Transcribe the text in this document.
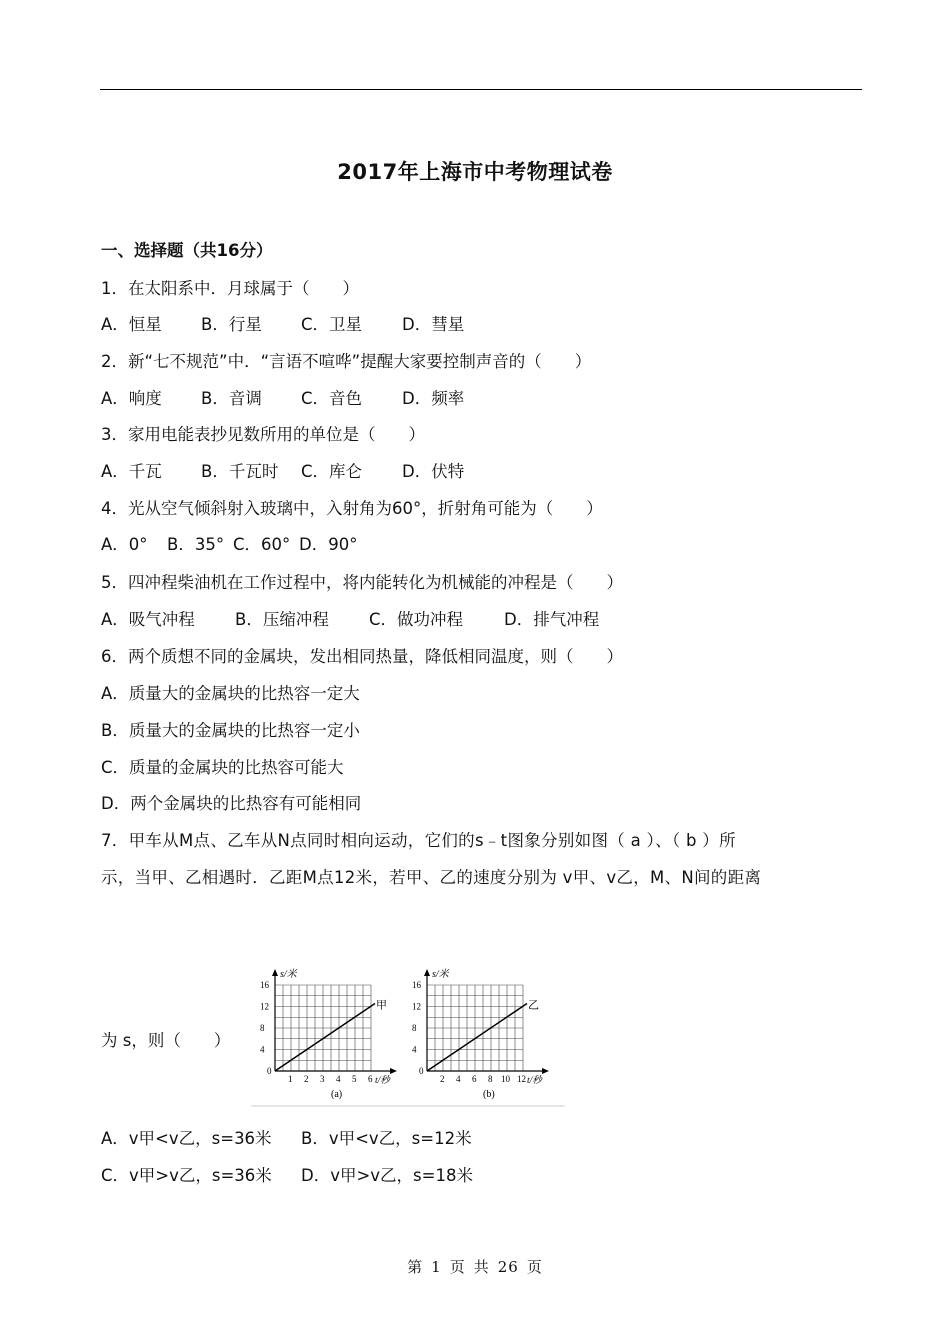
2017年上海市中考物理试卷
一、选择题（共16分）
1．在太阳系中．月球属于（　　）
A．恒星 B．行星 C．卫星 D．彗星
2．新“七不规范”中．“言语不喧哗”提醒大家要控制声音的（　　）
A．响度 B．音调 C．音色 D．频率
3．家用电能表抄见数所用的单位是（　　）
A．千瓦 B．千瓦时 C．库仑 D．伏特
4．光从空气倾斜射入玻璃中，入射角为60°，折射角可能为（　　）
A．0° B．35° C．60° D．90°
5．四冲程柴油机在工作过程中，将内能转化为机械能的冲程是（　　）
A．吸气冲程 B．压缩冲程 C．做功冲程 D．排气冲程
6．两个质想不同的金属块，发出相同热量，降低相同温度，则（　　）
A．质量大的金属块的比热容一定大
B．质量大的金属块的比热容一定小
C．质量的金属块的比热容可能大
D．两个金属块的比热容有可能相同
7．甲车从M点、乙车从N点同时相向运动，它们的s﹣t图象分别如图（ a ）、（ b ）所
示，当甲、乙相遇时．乙距M点12米，若甲、乙的速度分别为 v甲、v乙，M、N间的距离
为 s，则（　　）
s/米
t/秒
16
12
8
4
0
1 2 3 4 5 6
甲
(a)
s/米
t/秒
16
12
8
4
0
2 4 6 8 10 12
乙
(b)
A．v甲<v乙，s=36米 B．v甲<v乙，s=12米
C．v甲>v乙，s=36米 D．v甲>v乙，s=18米
第 1 页 共 26 页
